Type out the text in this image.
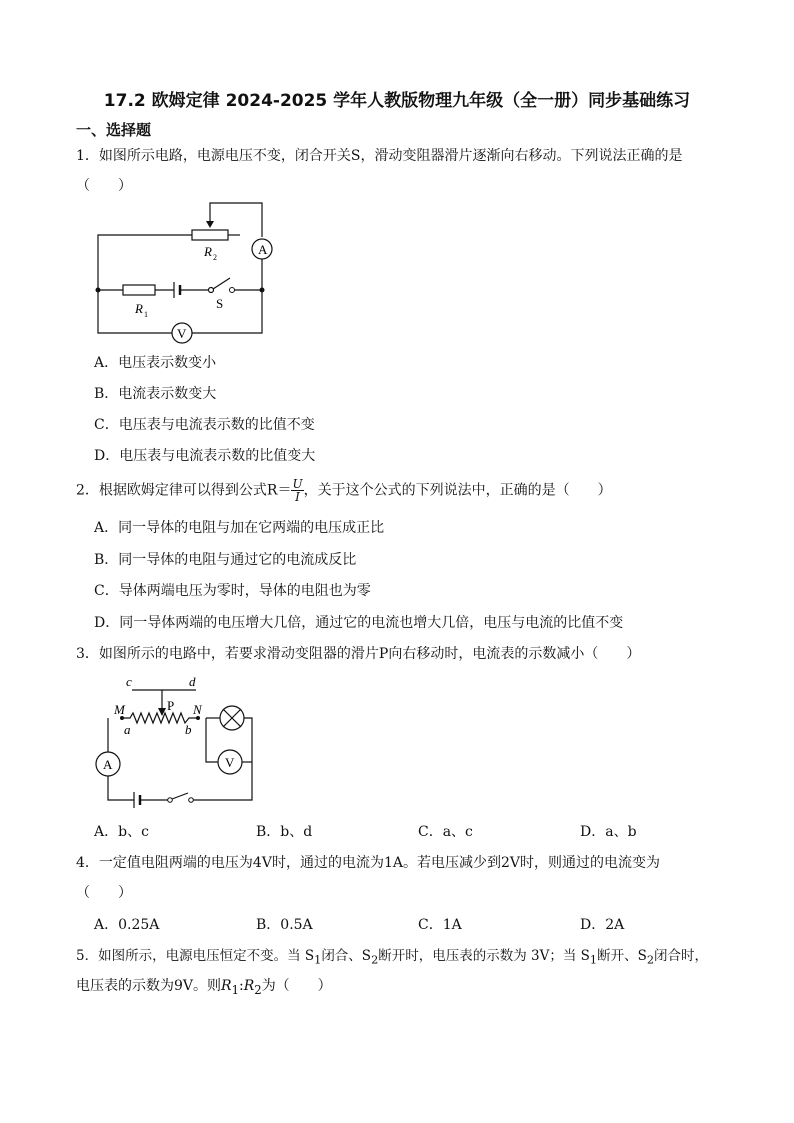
17.2 欧姆定律 2024-2025 学年人教版物理九年级（全一册）同步基础练习
一、选择题
1．如图所示电路，电源电压不变，闭合开关S，滑动变阻器滑片逐渐向右移动。下列说法正确的是
（　　）
A
V
R 2
R 1
S
A．电压表示数变小
B．电流表示数变大
C．电压表与电流表示数的比值不变
D．电压表与电流表示数的比值变大
2．根据欧姆定律可以得到公式$R= \frac{U}{I}$ ，关于这个公式的下列说法中，正确的是（　　）
A．同一导体的电阻与加在它两端的电压成正比
B．同一导体的电阻与通过它的电流成反比
C．导体两端电压为零时，导体的电阻也为零
D．同一导体两端的电压增大几倍，通过它的电流也增大几倍，电压与电流的比值不变
3．如图所示的电路中，若要求滑动变阻器的滑片P向右移动时，电流表的示数减小（　　）
c	d
M	P N
a	b
A	V
A．b、c	B．b、d	C．a、c	D．a、b
4．一定值电阻两端的电压为4V时，通过的电流为1A。若电压减少到2V时，则通过的电流变为
（　　）
A．0.25A	B．0.5A	C．1A	D．2A
5．如图所示，电源电压恒定不变。当 $S_1$闭合、$S_2$断开时，电压表的示数为 3V；当 $S_1$断开、$S_2$闭合时，
电压表的示数为9V。则$R_1:R_2$为（　　）
